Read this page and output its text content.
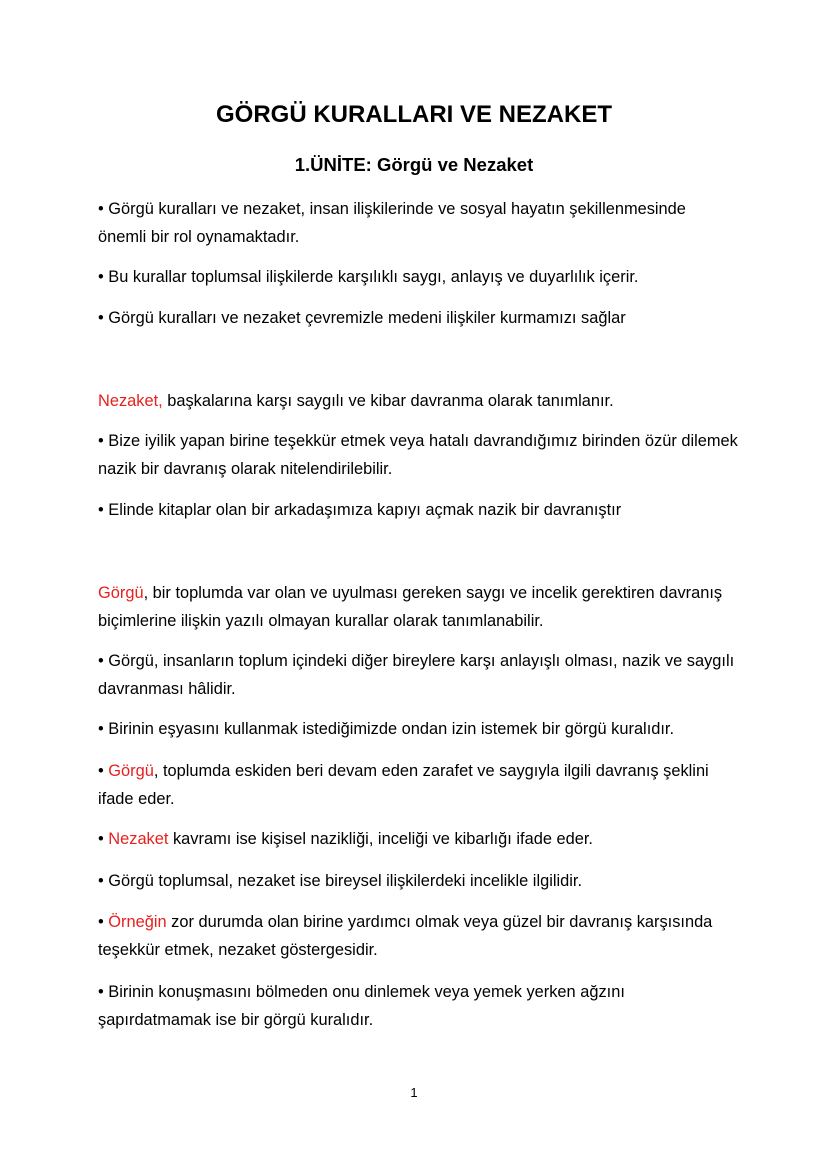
GÖRGÜ KURALLARI VE NEZAKET
1.ÜNİTE: Görgü ve Nezaket

• Görgü kuralları ve nezaket, insan ilişkilerinde ve sosyal hayatın şekillenmesinde önemli bir rol oynamaktadır.

• Bu kurallar toplumsal ilişkilerde karşılıklı saygı, anlayış ve duyarlılık içerir.

• Görgü kuralları ve nezaket çevremizle medeni ilişkiler kurmamızı sağlar

Nezaket, başkalarına karşı saygılı ve kibar davranma olarak tanımlanır.

• Bize iyilik yapan birine teşekkür etmek veya hatalı davrandığımız birinden özür dilemek nazik bir davranış olarak nitelendirilebilir.

• Elinde kitaplar olan bir arkadaşımıza kapıyı açmak nazik bir davranıştır

Görgü, bir toplumda var olan ve uyulması gereken saygı ve incelik gerektiren davranış biçimlerine ilişkin yazılı olmayan kurallar olarak tanımlanabilir.

• Görgü, insanların toplum içindeki diğer bireylere karşı anlayışlı olması, nazik ve saygılı davranması hâlidir.

• Birinin eşyasını kullanmak istediğimizde ondan izin istemek bir görgü kuralıdır.

• Görgü, toplumda eskiden beri devam eden zarafet ve saygıyla ilgili davranış şeklini ifade eder.

• Nezaket kavramı ise kişisel nazikliği, inceliği ve kibarlığı ifade eder.

• Görgü toplumsal, nezaket ise bireysel ilişkilerdeki incelikle ilgilidir.

• Örneğin zor durumda olan birine yardımcı olmak veya güzel bir davranış karşısında teşekkür etmek, nezaket göstergesidir.

• Birinin konuşmasını bölmeden onu dinlemek veya yemek yerken ağzını şapırdatmamak ise bir görgü kuralıdır.

1
